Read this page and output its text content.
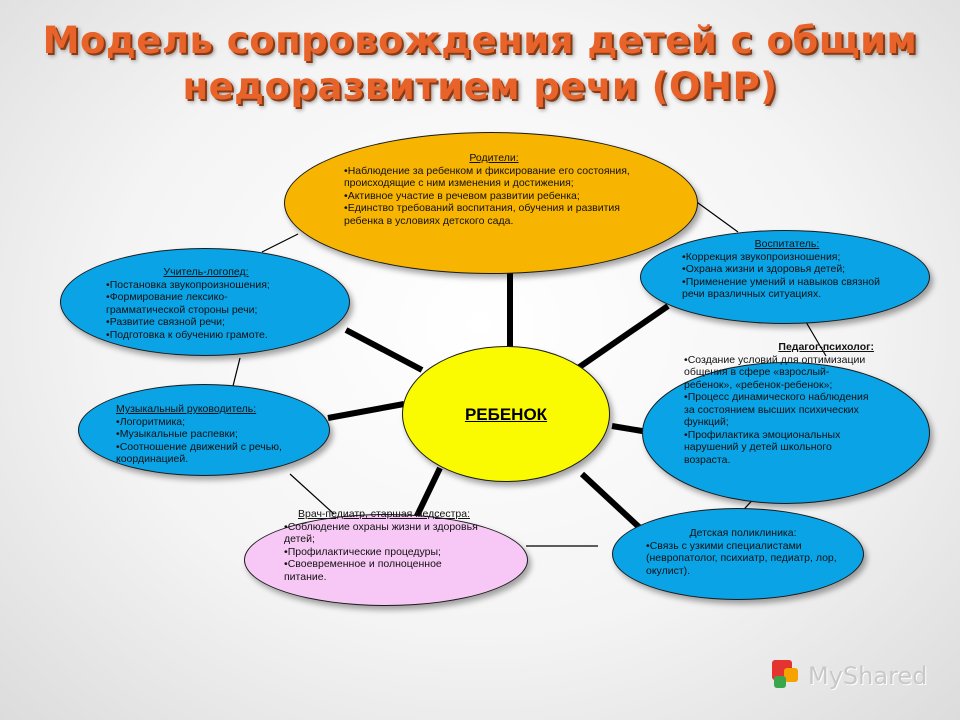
Модель сопровождения детей с общим
недоразвитием речи (ОНР)
РЕБЕНОК
Родители:
• Наблюдение за ребенком и фиксирование его состояния, происходящие с ним изменения и достижения;
• Активное участие в речевом развитии ребенка;
• Единство требований воспитания, обучения и развития ребенка в условиях детского сада.
Воспитатель:
• Коррекция звукопроизношения;
• Охрана жизни и здоровья детей;
• Применение умений и навыков связной речи вразличных ситуациях.
Педагог-психолог:
• Создание условий для оптимизации общения в сфере «взрослый-ребенок», «ребенок-ребенок»;
• Процесс динамического наблюдения за состоянием высших психических функций;
• Профилактика эмоциональных нарушений у детей школьного возраста.
Детская поликлиника:
• Связь с узкими специалистами (невропатолог, психиатр, педиатр, лор, окулист).
Врач-педиатр, старшая медсестра:
• Соблюдение охраны жизни и здоровья детей;
• Профилактические процедуры;
• Своевременное и полноценное питание.
Музыкальный руководитель:
• Логоритмика;
• Музыкальные распевки;
• Соотношение движений с речью, координацией.
Учитель-логопед:
• Постановка звукопроизношения;
• Формирование лексико-грамматической стороны речи;
• Развитие связной речи;
• Подготовка к обучению грамоте.
MyShared
